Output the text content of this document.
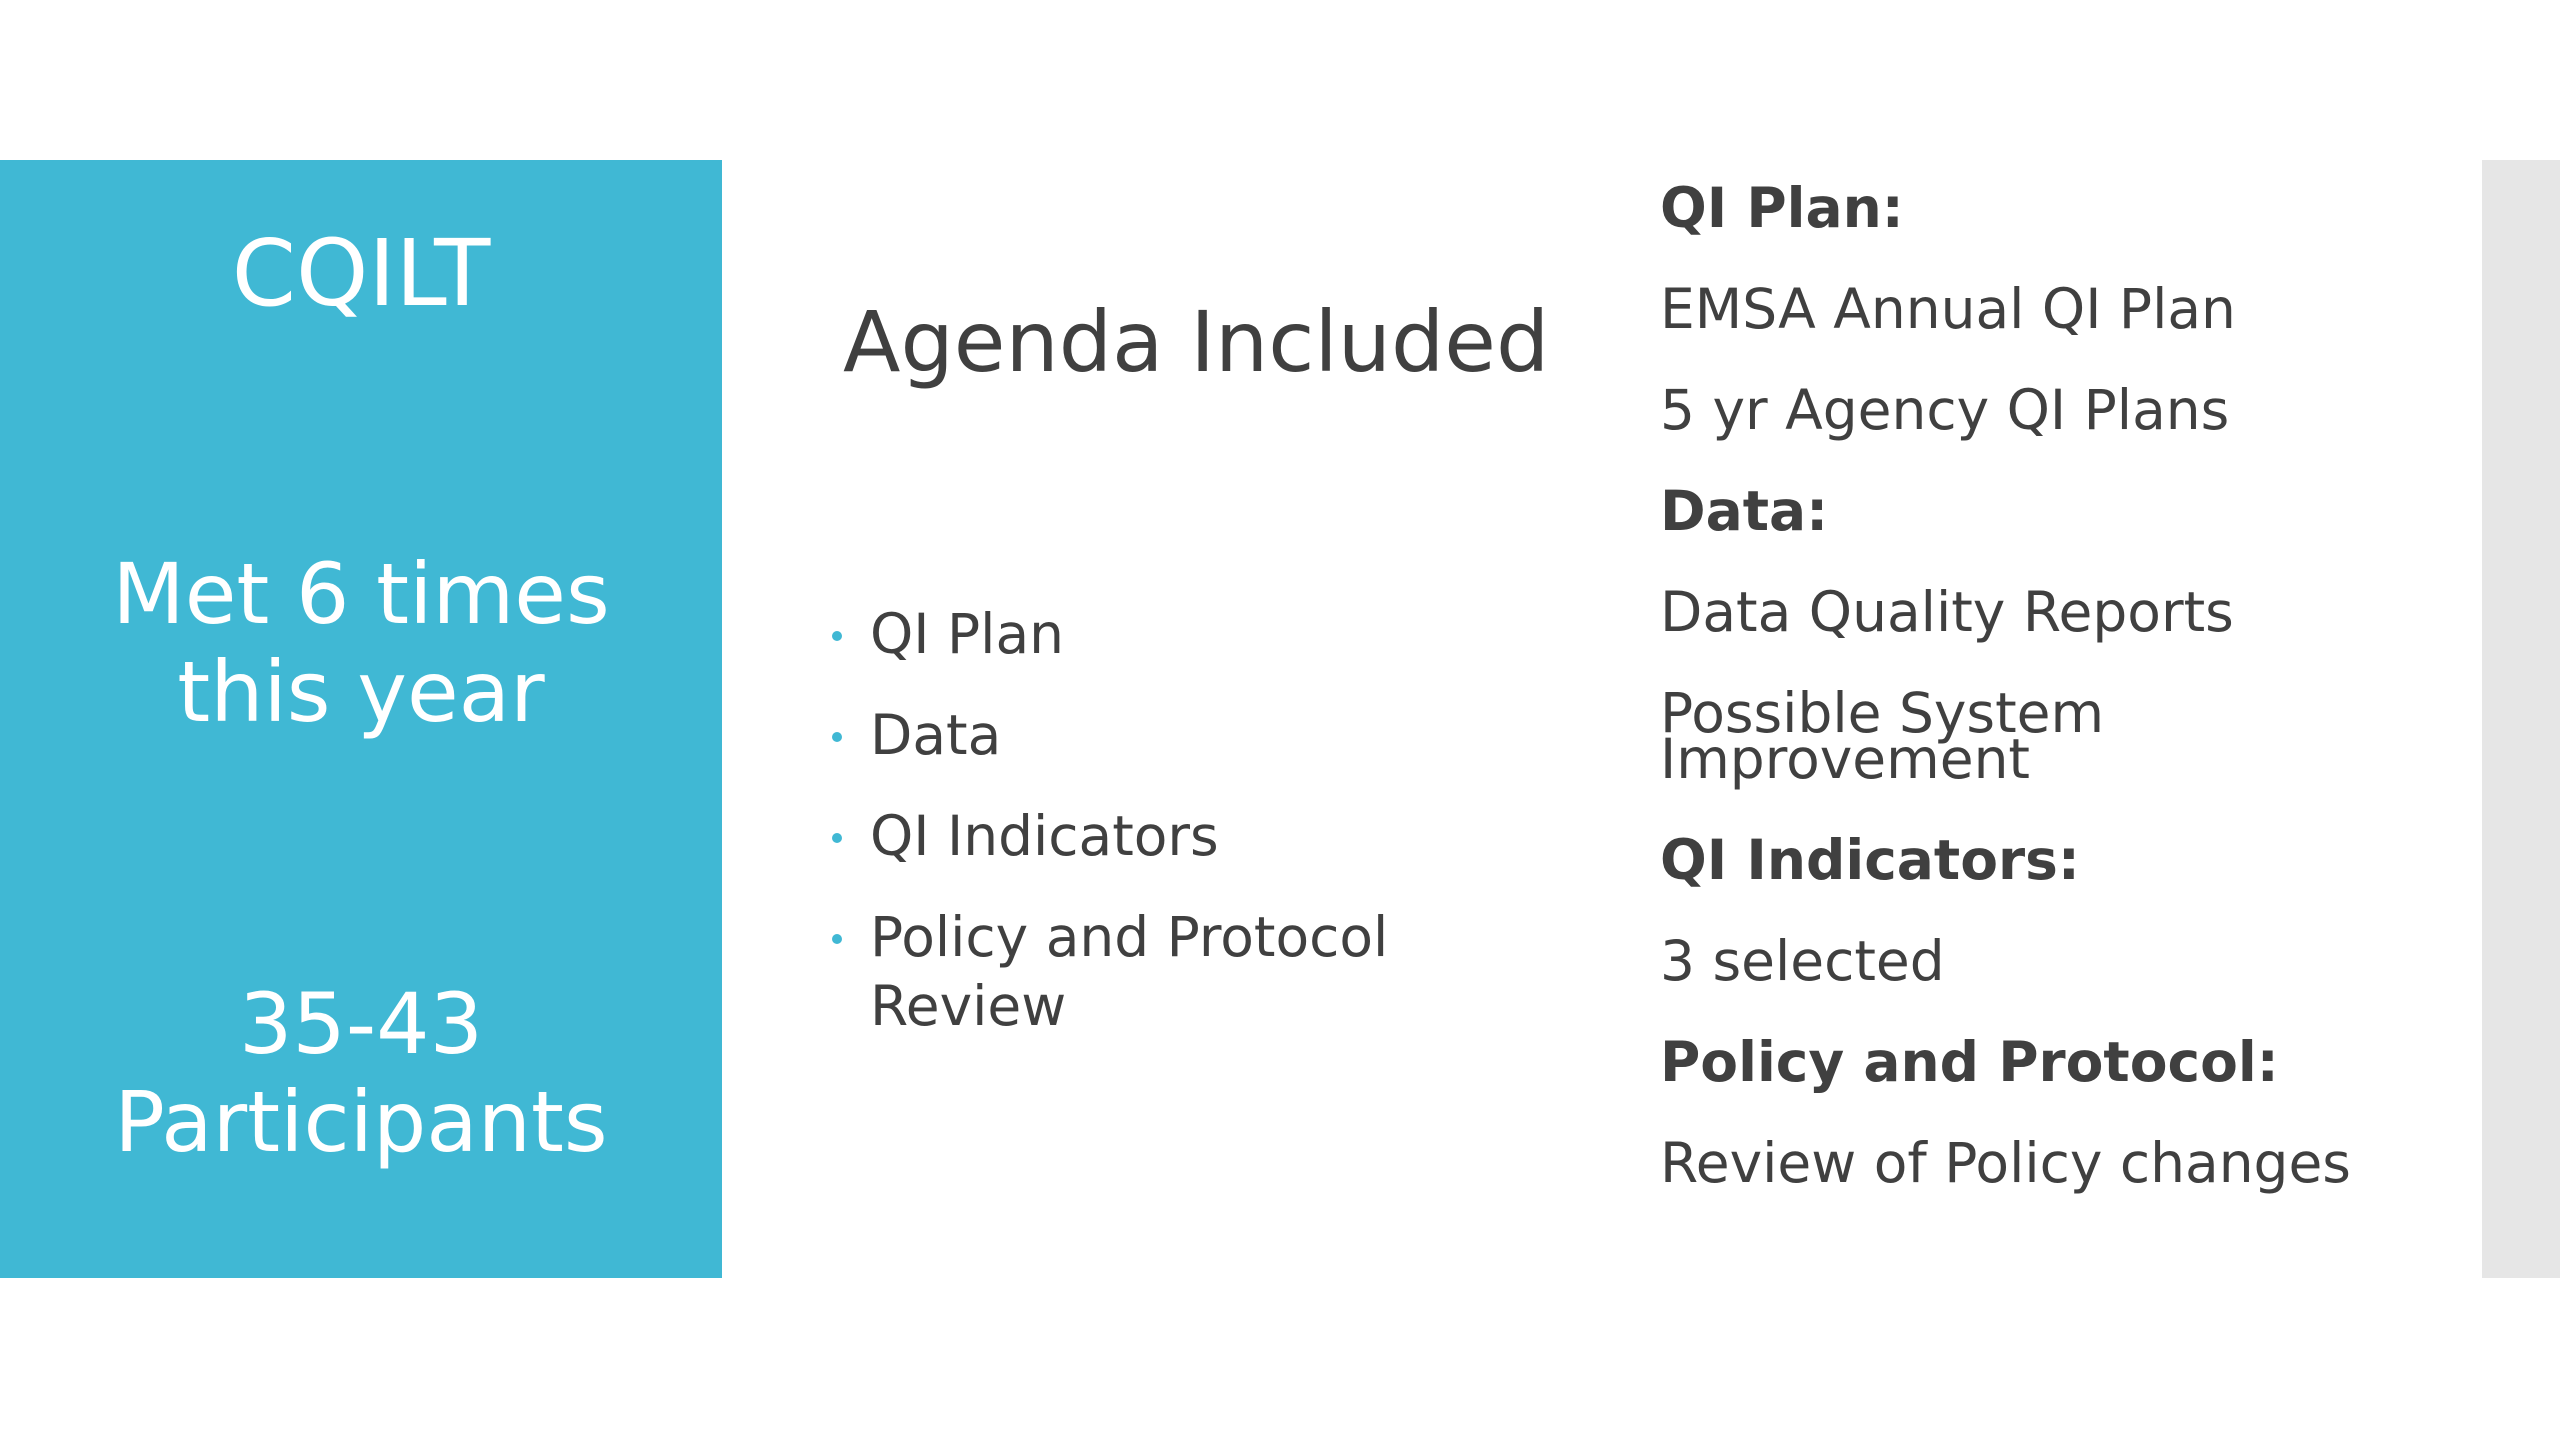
CQILT
Met 6 times
this year
35-43
Participants
Agenda Included
QI Plan
Data
QI Indicators
Policy and Protocol Review
QI Plan:
EMSA Annual QI Plan
5 yr Agency QI Plans
Data:
Data Quality Reports
Possible System Improvement
QI Indicators:
3 selected
Policy and Protocol:
Review of Policy changes
